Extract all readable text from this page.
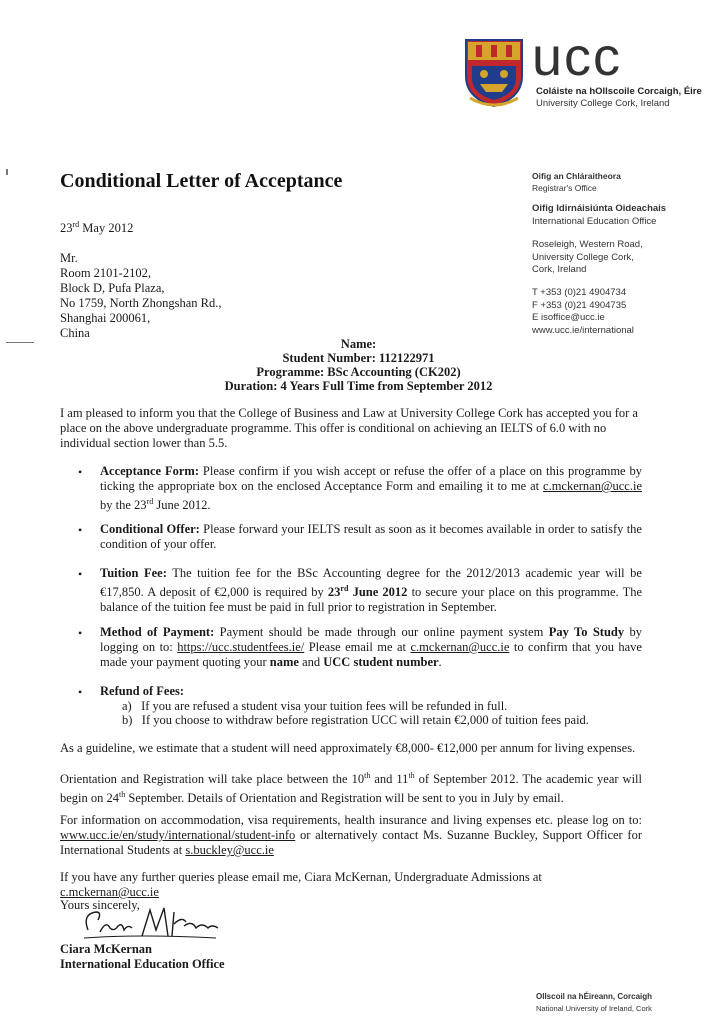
ucc
Coláiste na hOllscoile Corcaigh, Éire
University College Cork, Ireland
Conditional Letter of Acceptance	Oifig an Chláraitheora
Registrar's Office
Oifig Idirnáisiúnta Oideachais
International Education Office
Roseleigh, Western Road,
University College Cork,
Cork, Ireland
T +353 (0)21 4904734
F +353 (0)21 4904735
E isoffice@ucc.ie
www.ucc.ie/international
23rd May 2012
Mr.
Room 2101-2102,
Block D, Pufa Plaza,
No 1759, North Zhongshan Rd.,
Shanghai 200061,
China
Name:
Student Number: 112122971
Programme: BSc Accounting (CK202)
Duration: 4 Years Full Time from September 2012
I am pleased to inform you that the College of Business and Law at University College Cork has accepted you for a place on the above undergraduate programme. This offer is conditional on achieving an IELTS of 6.0 with no individual section lower than 5.5.
• Acceptance Form: Please confirm if you wish accept or refuse the offer of a place on this programme by ticking the appropriate box on the enclosed Acceptance Form and emailing it to me at c.mckernan@ucc.ie by the 23rd June 2012.
• Conditional Offer: Please forward your IELTS result as soon as it becomes available in order to satisfy the condition of your offer.
• Tuition Fee: The tuition fee for the BSc Accounting degree for the 2012/2013 academic year will be €17,850. A deposit of €2,000 is required by 23rd June 2012 to secure your place on this programme. The balance of the tuition fee must be paid in full prior to registration in September.
• Method of Payment: Payment should be made through our online payment system Pay To Study by logging on to: https://ucc.studentfees.ie/ Please email me at c.mckernan@ucc.ie to confirm that you have made your payment quoting your name and UCC student number.
• Refund of Fees:
a) If you are refused a student visa your tuition fees will be refunded in full.
b) If you choose to withdraw before registration UCC will retain €2,000 of tuition fees paid.
As a guideline, we estimate that a student will need approximately €8,000- €12,000 per annum for living expenses.
Orientation and Registration will take place between the 10th and 11th of September 2012. The academic year will begin on 24th September. Details of Orientation and Registration will be sent to you in July by email.
For information on accommodation, visa requirements, health insurance and living expenses etc. please log on to: www.ucc.ie/en/study/international/student-info or alternatively contact Ms. Suzanne Buckley, Support Officer for International Students at s.buckley@ucc.ie
If you have any further queries please email me, Ciara McKernan, Undergraduate Admissions at c.mckernan@ucc.ie
Yours sincerely,
Ciara McKernan
International Education Office
Ollscoil na hÉireann, Corcaigh
National University of Ireland, Cork
